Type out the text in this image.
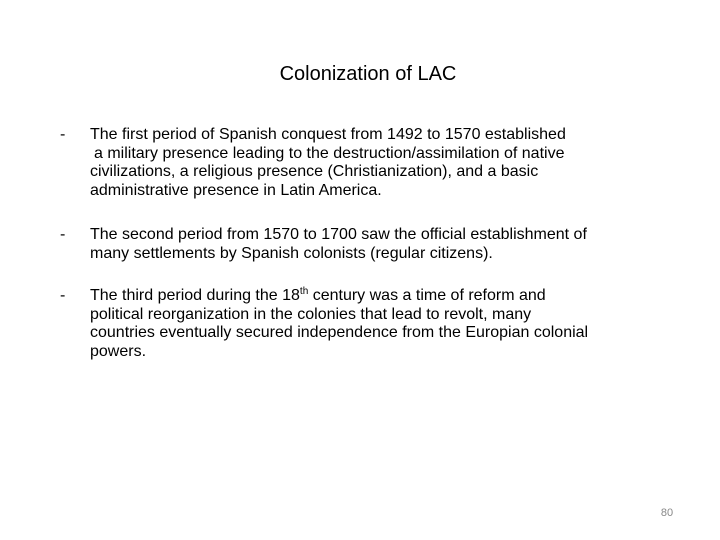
Colonization of LAC
- The first period of Spanish conquest from 1492 to 1570 established
a military presence leading to the destruction/assimilation of native
civilizations, a religious presence (Christianization), and a basic
administrative presence in Latin America.
- The second period from 1570 to 1700 saw the official establishment of
many settlements by Spanish colonists (regular citizens).
- The third period during the 18th century was a time of reform and
political reorganization in the colonies that lead to revolt, many
countries eventually secured independence from the Europian colonial
powers.
80
